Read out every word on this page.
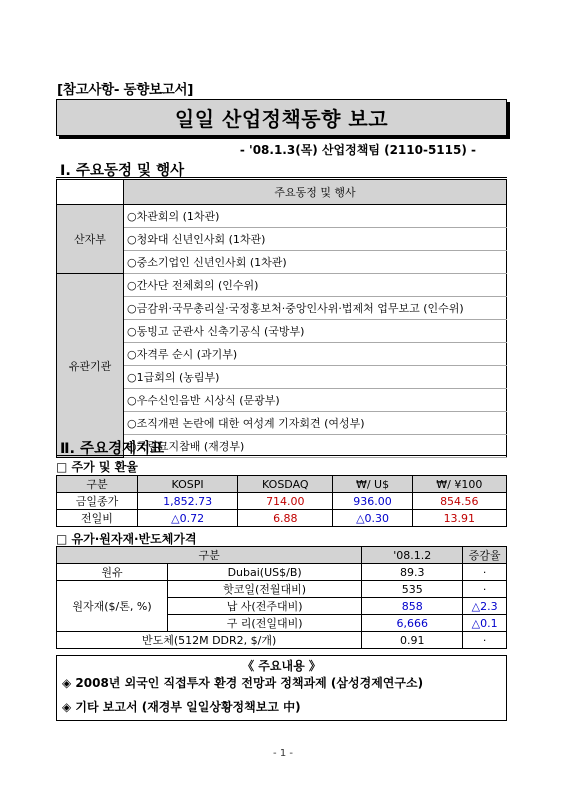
[참고사항- 동향보고서]
일일 산업정책동향 보고
- '08.1.3(목) 산업정책팀 (2110-5115) -
Ⅰ. 주요동정 및 행사
	주요동정 및 행사
산자부	○차관회의 (1차관)
	○청와대 신년인사회 (1차관)
	○중소기업인 신년인사회 (1차관)
유관기관	○간사단 전체회의 (인수위)
	○금감위·국무총리실·국정홍보처·중앙인사위·법제처 업무보고 (인수위)
	○동빙고 군관사 신축기공식 (국방부)
	○자격루 순시 (과기부)
	○1급회의 (농림부)
	○우수신인음반 시상식 (문광부)
	○조직개편 논란에 대한 여성계 기자회견 (여성부)
	○국립묘지참배 (재경부)
Ⅱ. 주요경제지표
□ 주가 및 환율
구분	KOSPI	KOSDAQ	₩/ U$	₩/ ¥100
금일종가	1,852.73	714.00	936.00	854.56
전일비	△0.72	6.88	△0.30	13.91
□ 유가·원자재·반도체가격
구분		'08.1.2	증감율
원유	Dubai(US$/B)	89.3	·
원자재($/톤, %)	핫코일(전월대비)	535	·
	납 사(전주대비)	858	△2.3
	구 리(전일대비)	6,666	△0.1
반도체(512M DDR2, $/개)		0.91	·
《 주요내용 》
◈ 2008년 외국인 직접투자 환경 전망과 정책과제 (삼성경제연구소)
◈ 기타 보고서 (재경부 일일상황정책보고 中)
- 1 -
